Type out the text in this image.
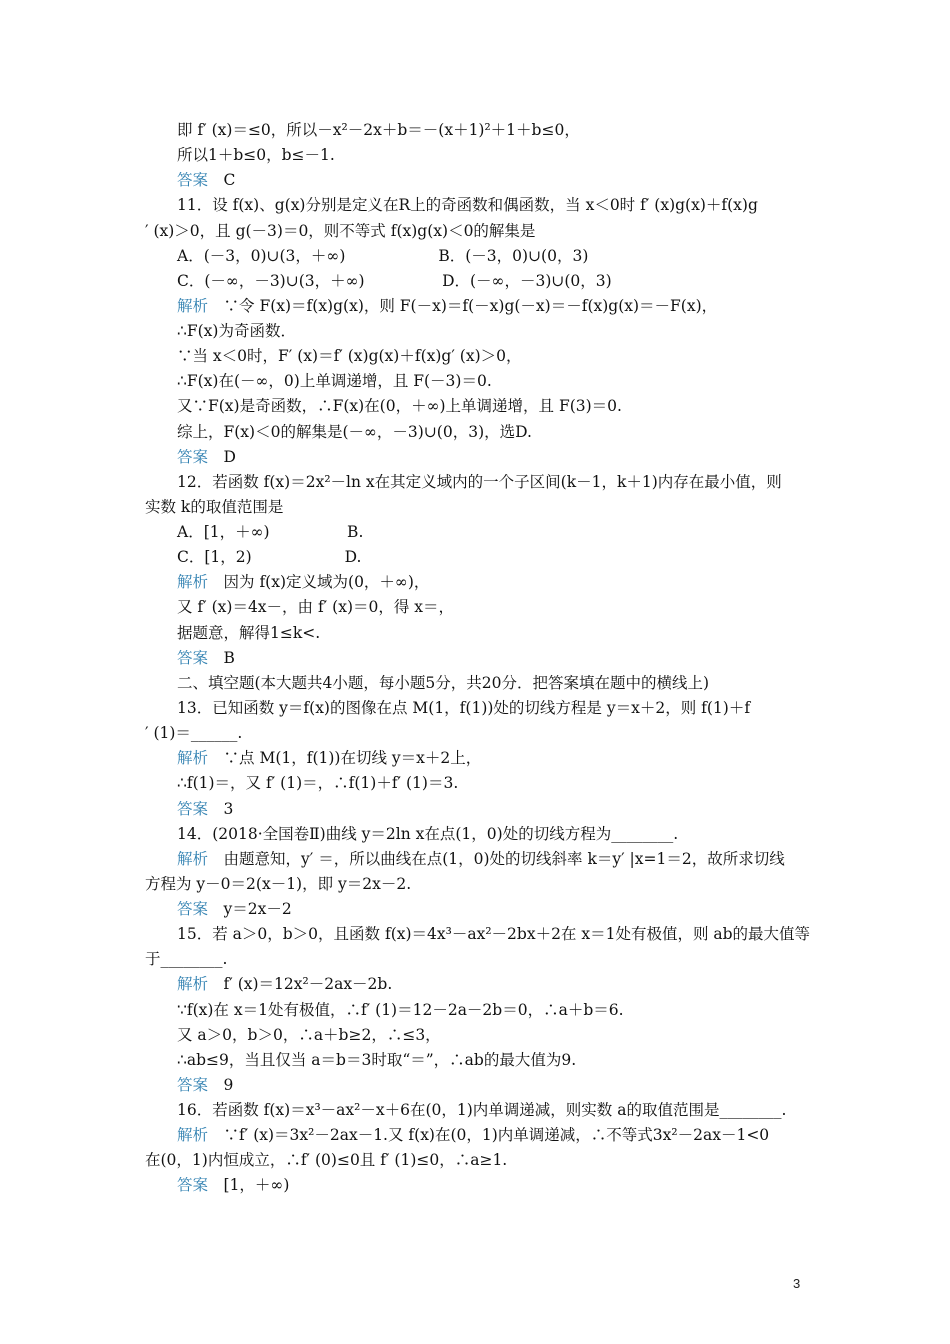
即 f′ (x)＝≤0，所以－x²－2x＋b＝－(x＋1)²＋1＋b≤0，
所以1＋b≤0，b≤－1.
答案　C
11．设 f(x)、g(x)分别是定义在R上的奇函数和偶函数，当 x＜0时 f′ (x)g(x)＋f(x)g
′ (x)＞0，且 g(－3)＝0，则不等式 f(x)g(x)＜0的解集是
A．(－3，0)∪(3，＋∞)　　　　　　B．(－3，0)∪(0，3)
C．(－∞，－3)∪(3，＋∞)　　　　　D．(－∞，－3)∪(0，3)
解析　∵令 F(x)＝f(x)g(x)，则 F(－x)＝f(－x)g(－x)＝－f(x)g(x)＝－F(x)，
∴F(x)为奇函数．
∵当 x＜0时，F′ (x)＝f′ (x)g(x)＋f(x)g′ (x)＞0，
∴F(x)在(－∞，0)上单调递增，且 F(－3)＝0.
又∵F(x)是奇函数，∴F(x)在(0，＋∞)上单调递增，且 F(3)＝0.
综上，F(x)＜0的解集是(－∞，－3)∪(0，3)，选D.
答案　D
12．若函数 f(x)＝2x²－ln x在其定义域内的一个子区间(k－1，k＋1)内存在最小值，则
实数 k的取值范围是
A．[1，＋∞)　　　　　B.
C．[1，2)　　　　　　D.
解析　因为 f(x)定义域为(0，＋∞)，
又 f′ (x)＝4x－，由 f′ (x)＝0，得 x＝，
据题意，解得1≤k<.
答案　B
二、填空题(本大题共4小题，每小题5分，共20分．把答案填在题中的横线上)
13．已知函数 y＝f(x)的图像在点 M(1，f(1))处的切线方程是 y＝x＋2，则 f(1)＋f
′ (1)＝______.
解析　∵点 M(1，f(1))在切线 y＝x＋2上，
∴f(1)＝，又 f′ (1)＝，∴f(1)＋f′ (1)＝3.
答案　3
14．(2018·全国卷Ⅱ)曲线 y＝2ln x在点(1，0)处的切线方程为________.
解析　由题意知，y′ ＝，所以曲线在点(1，0)处的切线斜率 k＝y′ |x=1＝2，故所求切线
方程为 y－0＝2(x－1)，即 y＝2x－2.
答案　y＝2x－2
15．若 a＞0，b＞0，且函数 f(x)＝4x³－ax²－2bx＋2在 x＝1处有极值，则 ab的最大值等
于________.
解析　f′ (x)＝12x²－2ax－2b.
∵f(x)在 x＝1处有极值，∴f′ (1)＝12－2a－2b＝0，∴a＋b＝6.
又 a＞0，b＞0，∴a＋b≥2，∴≤3，
∴ab≤9，当且仅当 a＝b＝3时取“＝”，∴ab的最大值为9.
答案　9
16．若函数 f(x)＝x³－ax²－x＋6在(0，1)内单调递减，则实数 a的取值范围是________.
解析　∵f′ (x)＝3x²－2ax－1.又 f(x)在(0，1)内单调递减，∴不等式3x²－2ax－1<0
在(0，1)内恒成立，∴f′ (0)≤0且 f′ (1)≤0，∴a≥1.
答案　[1，＋∞)
3
